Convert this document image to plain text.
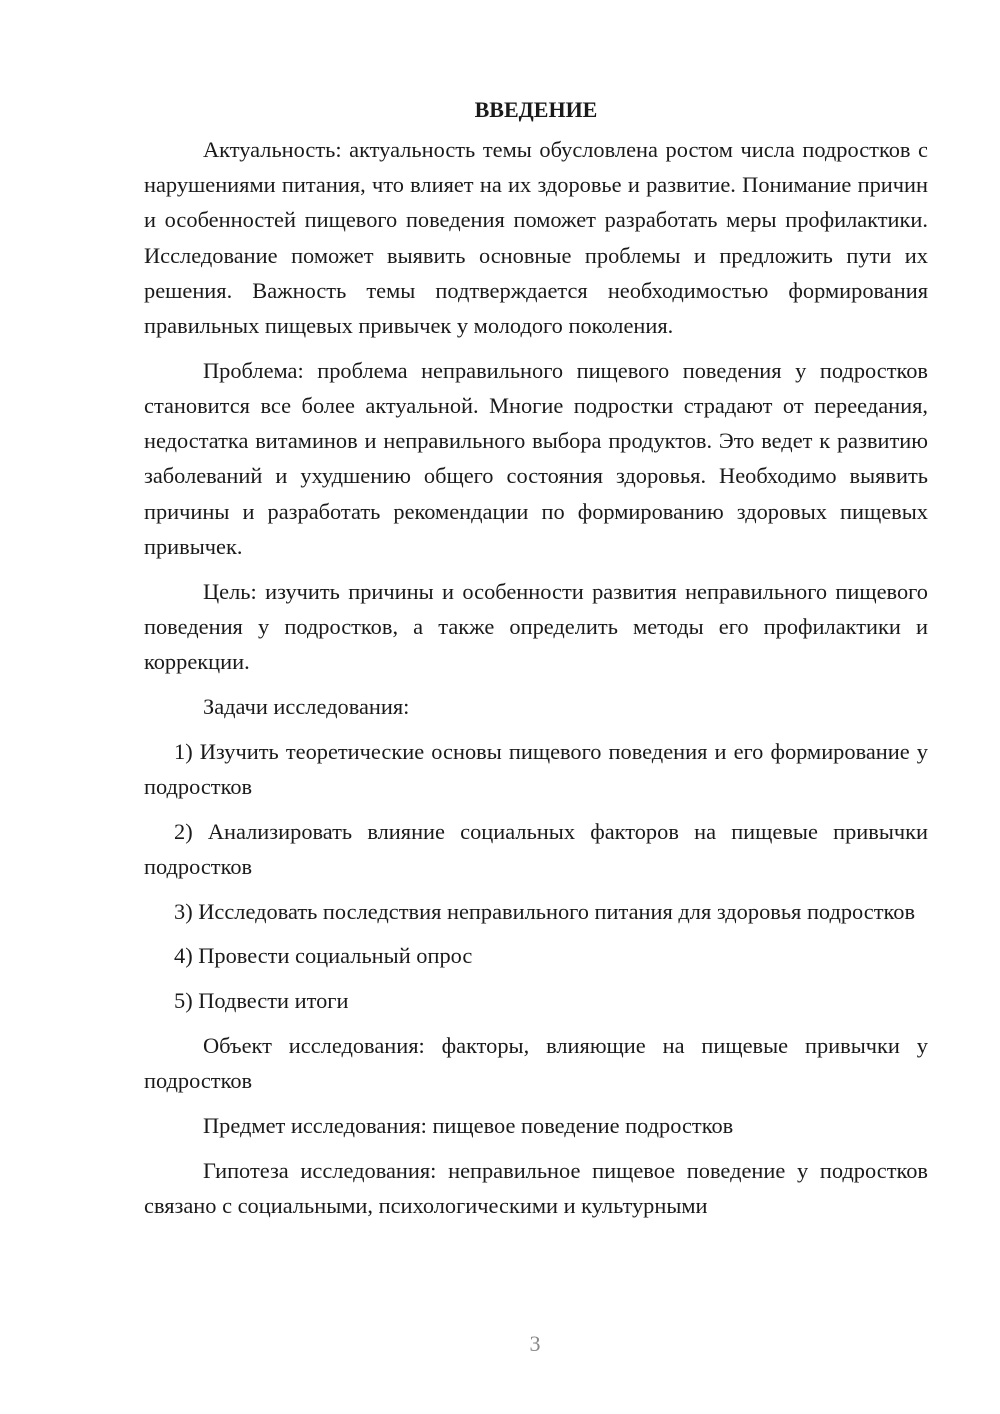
ВВЕДЕНИЕ

Актуальность: актуальность темы обусловлена ростом числа подростков с нарушениями питания, что влияет на их здоровье и развитие. Понимание причин и особенностей пищевого поведения поможет разработать меры профилактики. Исследование поможет выявить основные проблемы и предложить пути их решения. Важность темы подтверждается необходимостью формирования правильных пищевых привычек у молодого поколения.

Проблема: проблема неправильного пищевого поведения у подростков становится все более актуальной. Многие подростки страдают от переедания, недостатка витаминов и неправильного выбора продуктов. Это ведет к развитию заболеваний и ухудшению общего состояния здоровья. Необходимо выявить причины и разработать рекомендации по формированию здоровых пищевых привычек.

Цель: изучить причины и особенности развития неправильного пищевого поведения у подростков, а также определить методы его профилактики и коррекции.

Задачи исследования:

1) Изучить теоретические основы пищевого поведения и его формирование у подростков

2) Анализировать влияние социальных факторов на пищевые привычки подростков

3) Исследовать последствия неправильного питания для здоровья подростков

4) Провести социальный опрос

5) Подвести итоги

Объект исследования: факторы, влияющие на пищевые привычки у подростков

Предмет исследования: пищевое поведение подростков

Гипотеза исследования: неправильное пищевое поведение у подростков связано с социальными, психологическими и культурными

3
